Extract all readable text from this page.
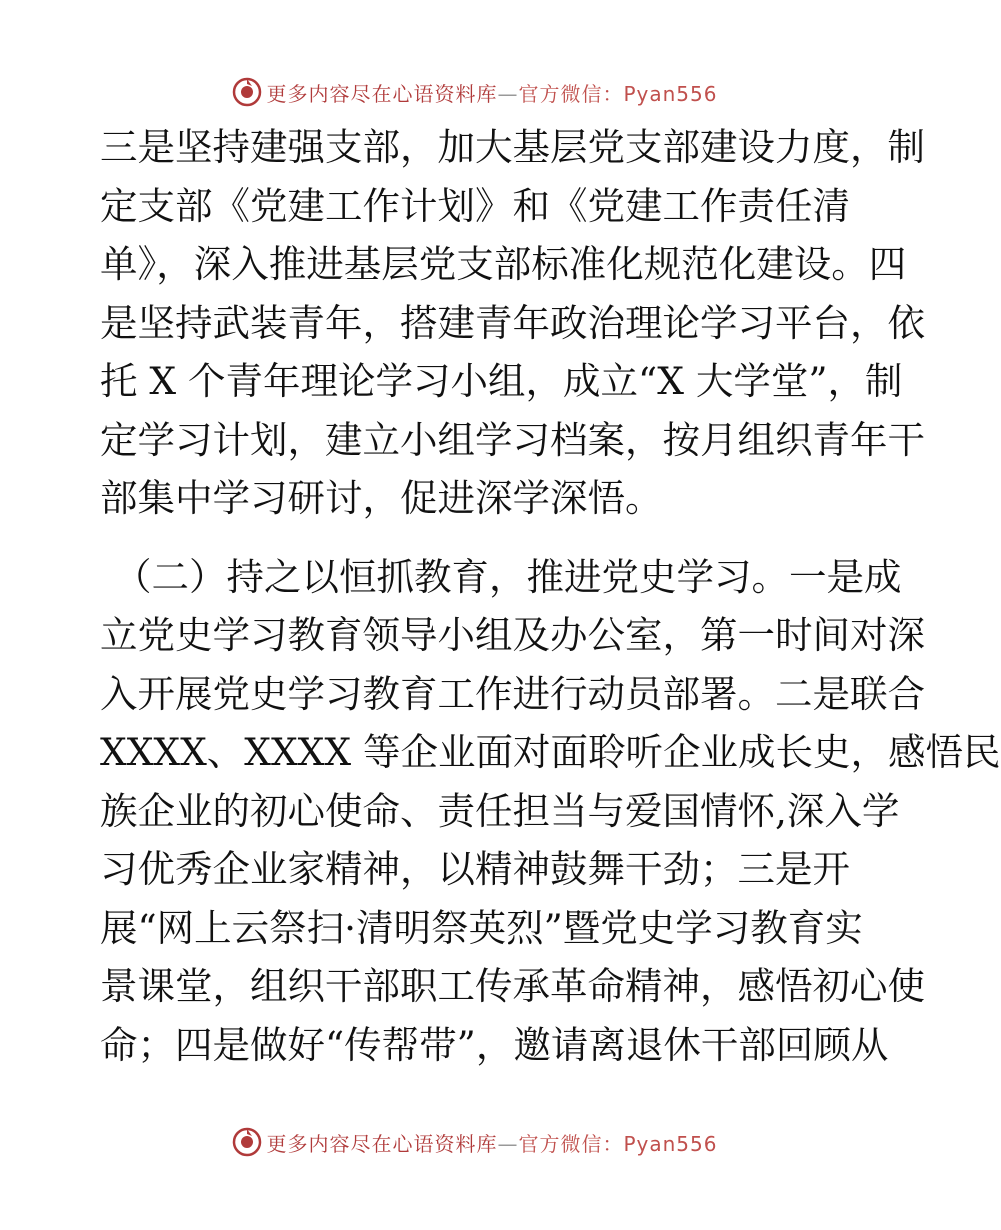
更多内容尽在心语资料库—官方微信：Pyan556
三是坚持建强支部，加大基层党支部建设力度，制
定支部《党建工作计划》和《党建工作责任清
单》，深入推进基层党支部标准化规范化建设。四
是坚持武装青年，搭建青年政治理论学习平台，依
托 X 个青年理论学习小组，成立“X 大学堂”，制
定学习计划，建立小组学习档案，按月组织青年干
部集中学习研讨，促进深学深悟。
（二）持之以恒抓教育，推进党史学习。一是成
立党史学习教育领导小组及办公室，第一时间对深
入开展党史学习教育工作进行动员部署。二是联合
XXXX、XXXX 等企业面对面聆听企业成长史，感悟民
族企业的初心使命、责任担当与爱国情怀,深入学
习优秀企业家精神，以精神鼓舞干劲；三是开
展“网上云祭扫·清明祭英烈”暨党史学习教育实
景课堂，组织干部职工传承革命精神，感悟初心使
命；四是做好“传帮带”，邀请离退休干部回顾从
更多内容尽在心语资料库—官方微信：Pyan556
